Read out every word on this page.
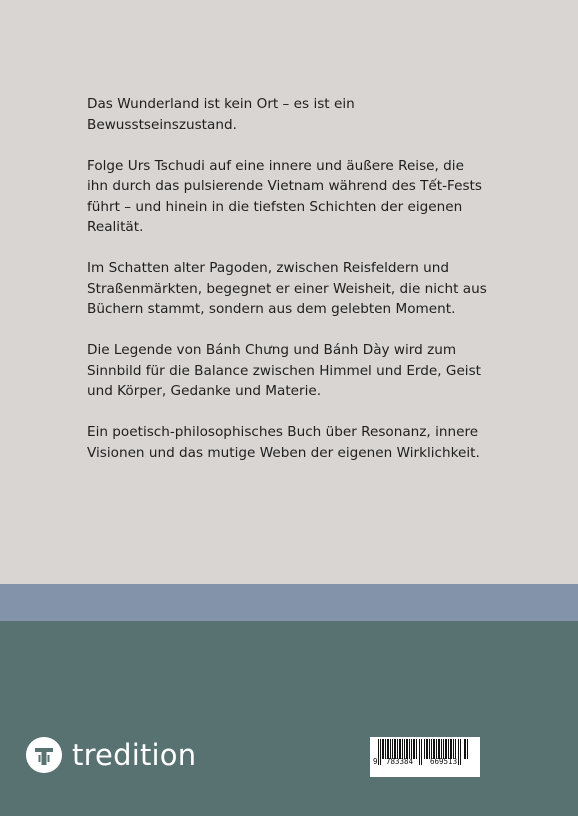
Das Wunderland ist kein Ort – es ist ein Bewusstseinszustand.

Folge Urs Tschudi auf eine innere und äußere Reise, die ihn durch das pulsierende Vietnam während des Tết-Fests führt – und hinein in die tiefsten Schichten der eigenen Realität.

Im Schatten alter Pagoden, zwischen Reisfeldern und Straßenmärkten, begegnet er einer Weisheit, die nicht aus Büchern stammt, sondern aus dem gelebten Moment.

Die Legende von Bánh Chưng und Bánh Dày wird zum Sinnbild für die Balance zwischen Himmel und Erde, Geist und Körper, Gedanke und Materie.

Ein poetisch-philosophisches Buch über Resonanz, innere Visionen und das mutige Weben der eigenen Wirklichkeit.

tredition	9 783384 669513
